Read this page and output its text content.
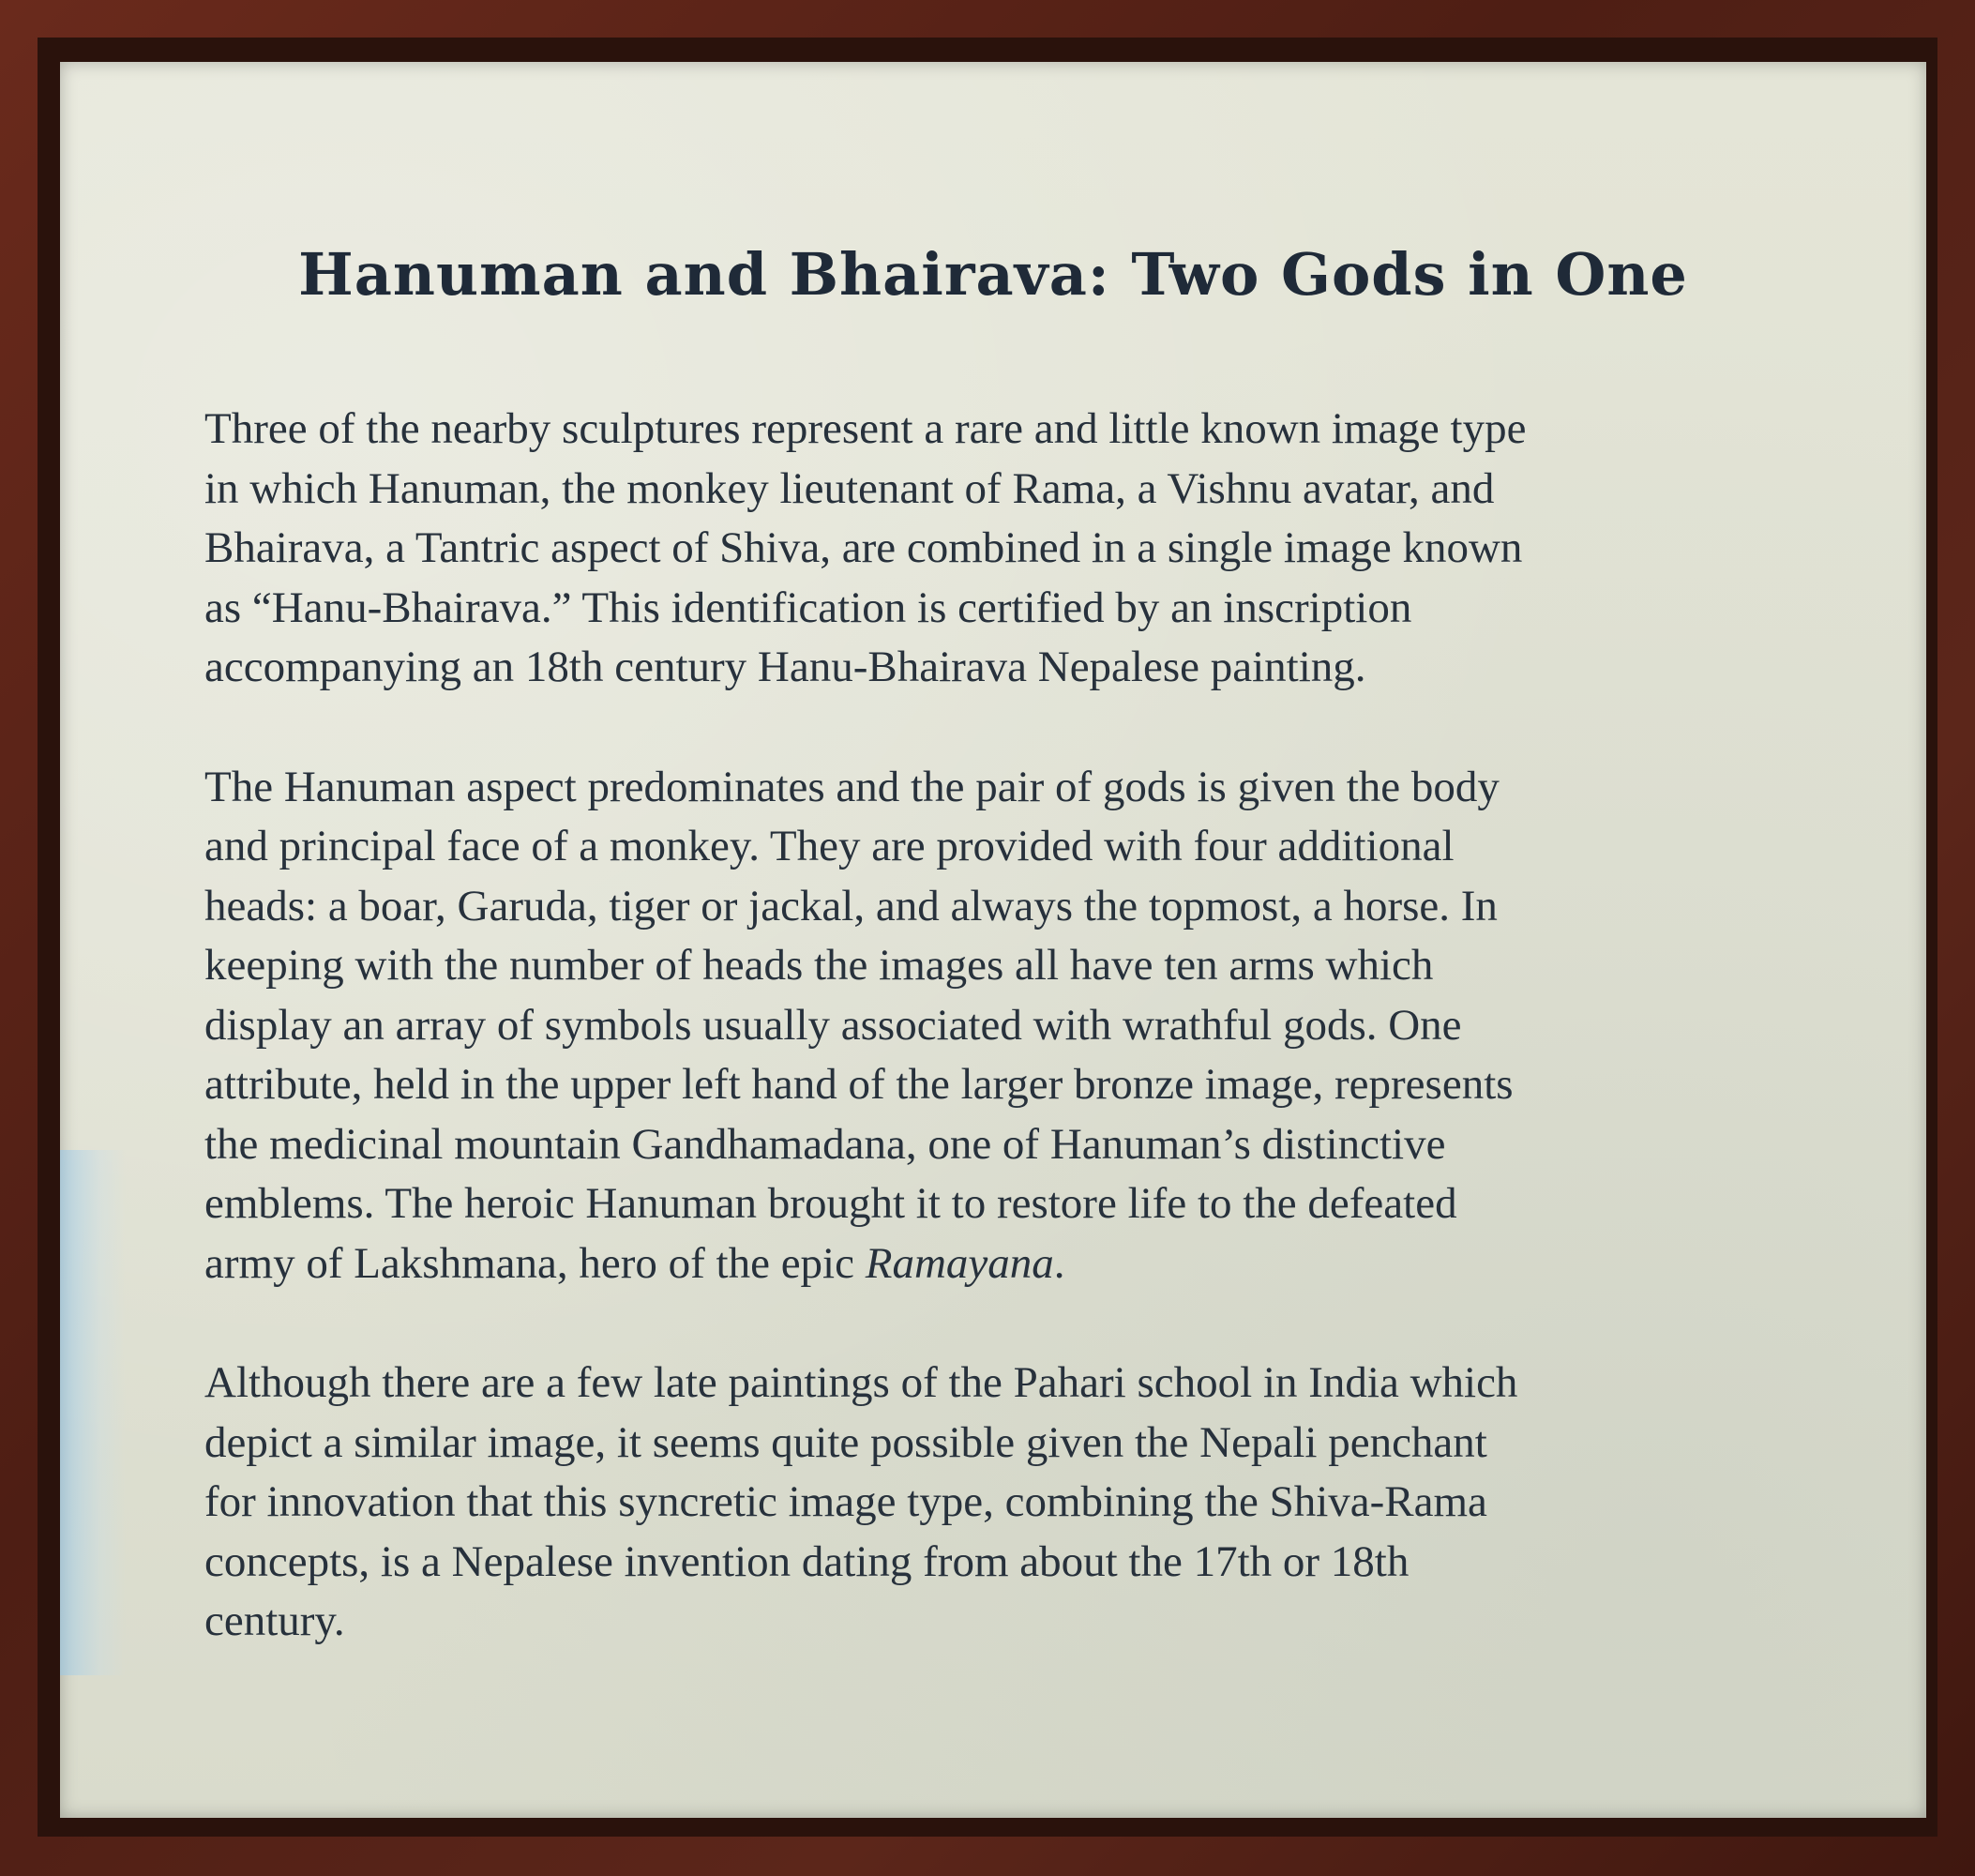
Hanuman and Bhairava: Two Gods in One

Three of the nearby sculptures represent a rare and little known image type
in which Hanuman, the monkey lieutenant of Rama, a Vishnu avatar, and
Bhairava, a Tantric aspect of Shiva, are combined in a single image known
as “Hanu-Bhairava.” This identification is certified by an inscription
accompanying an 18th century Hanu-Bhairava Nepalese painting.

The Hanuman aspect predominates and the pair of gods is given the body
and principal face of a monkey. They are provided with four additional
heads: a boar, Garuda, tiger or jackal, and always the topmost, a horse. In
keeping with the number of heads the images all have ten arms which
display an array of symbols usually associated with wrathful gods. One
attribute, held in the upper left hand of the larger bronze image, represents
the medicinal mountain Gandhamadana, one of Hanuman’s distinctive
emblems. The heroic Hanuman brought it to restore life to the defeated
army of Lakshmana, hero of the epic Ramayana.

Although there are a few late paintings of the Pahari school in India which
depict a similar image, it seems quite possible given the Nepali penchant
for innovation that this syncretic image type, combining the Shiva-Rama
concepts, is a Nepalese invention dating from about the 17th or 18th
century.
